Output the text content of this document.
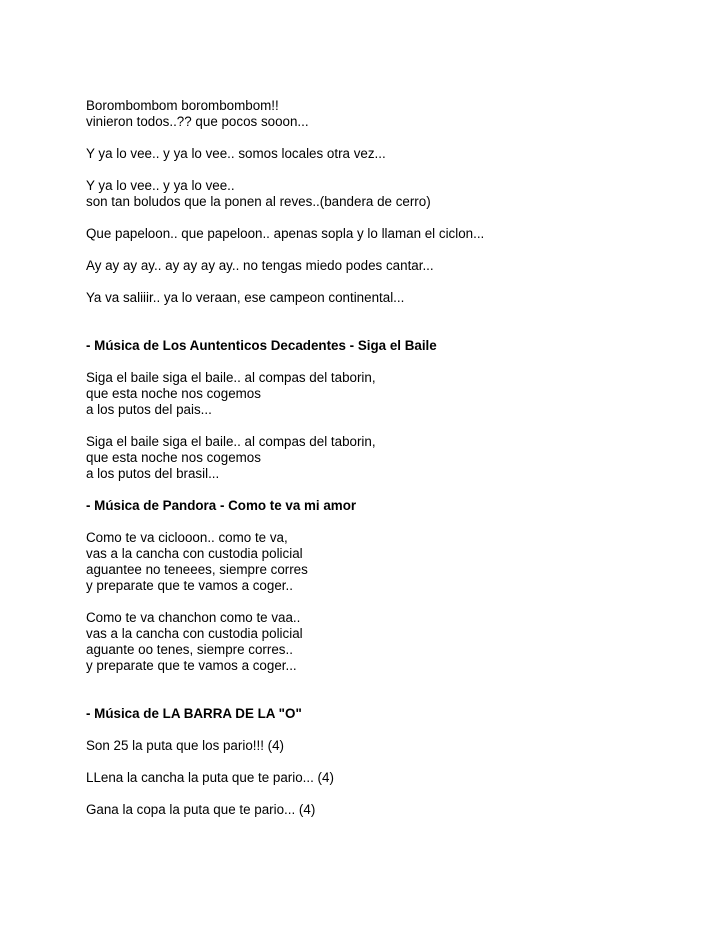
Borombombom borombombom!!
vinieron todos..?? que pocos sooon...
Y ya lo vee.. y ya lo vee.. somos locales otra vez...
Y ya lo vee.. y ya lo vee..
son tan boludos que la ponen al reves..(bandera de cerro)
Que papeloon.. que papeloon.. apenas sopla y lo llaman el ciclon...
Ay ay ay ay.. ay ay ay ay.. no tengas miedo podes cantar...
Ya va saliiir.. ya lo veraan, ese campeon continental...
- Música de Los Auntenticos Decadentes - Siga el Baile
Siga el baile siga el baile.. al compas del taborin,
que esta noche nos cogemos
a los putos del pais...
Siga el baile siga el baile.. al compas del taborin,
que esta noche nos cogemos
a los putos del brasil...
- Música de Pandora - Como te va mi amor
Como te va ciclooon.. como te va,
vas a la cancha con custodia policial
aguantee no teneees, siempre corres
y preparate que te vamos a coger..
Como te va chanchon como te vaa..
vas a la cancha con custodia policial
aguante oo tenes, siempre corres..
y preparate que te vamos a coger...
- Música de LA BARRA DE LA "O"
Son 25 la puta que los pario!!! (4)
LLena la cancha la puta que te pario... (4)
Gana la copa la puta que te pario... (4)
